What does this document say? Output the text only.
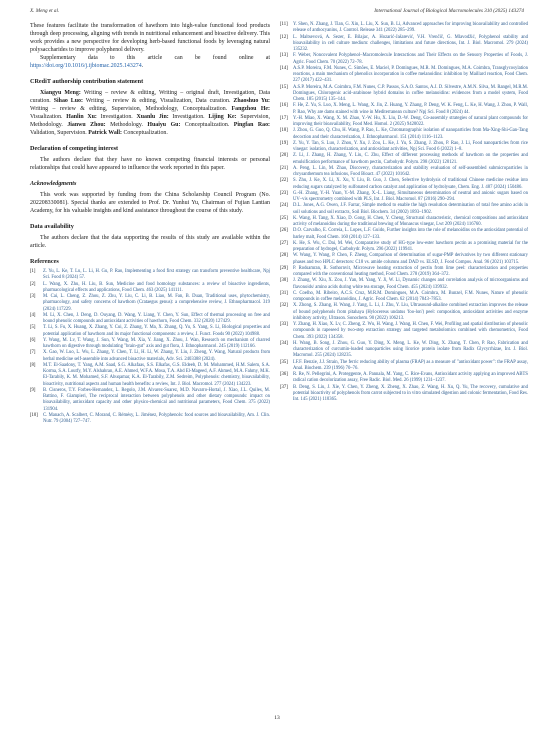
X. Meng et al.	International Journal of Biological Macromolecules 310 (2025) 143274

These features facilitate the transformation of hawthorn into high-value functional food products through deep processing, aligning with trends in nutritional enhancement and bioactive delivery. This work provides a new perspective for developing herb-based functional foods by leveraging natural polysaccharides to improve polyphenol delivery.

Supplementary data to this article can be found online at https://doi.org/10.1016/j.ijbiomac.2025.143274.

CRediT authorship contribution statement

Xiangyu Meng: Writing – review & editing, Writing – original draft, Investigation, Data curation. Sihao Luo: Writing – review & editing, Visualization, Data curation. Zhaoshuo Yu: Writing – review & editing, Supervision, Methodology, Conceptualization. Fangzhou He: Visualization. Hanlin Xu: Investigation. Xuanlu Jin: Investigation. Lijing Ke: Supervision, Methodology. Jianwu Zhou: Methodology. Huaiyu Gu: Conceptualization. Pingfan Rao: Validation, Supervision. Patrick Wall: Conceptualization.

Declaration of competing interest

The authors declare that they have no known competing financial interests or personal relationships that could have appeared to influence the work reported in this paper.

Acknowledgments

This work was supported by funding from the China Scholarship Council Program (No. 202208330081). Special thanks are extended to Prof. Dr. Yunhui Yu, Chairman of Fujian Lantian Academy, for his valuable insights and kind assistance throughout the course of this study.

Data availability

The authors declare that the data supporting the results of this study are available within the article.

References
[1] Z. Yu, L. Ke, T. Lu, L. Li, H. Gu, P. Rao, Implementing a food first strategy can transform preventive healthcare, Npj Sci. Food 8 (2024) 57.
[2] L. Wang, X. Zhu, H. Liu, B. Sun, Medicine and food homology substances: a review of bioactive ingredients, pharmacological effects and applications, Food Chem. 463 (2025) 141111.
[3] M. Cai, L. Cheng, Z. Zhou, Z. Zhu, Y. Liu, C. Li, B. Liao, M. Fan, B. Duan, Traditional uses, phytochemistry, pharmacology, and safety concerns of hawthorn (Crataegus genus): a comprehensive review, J. Ethnopharmacol. 319 (2024) 117229.
[4] M. Li, X. Chen, J. Deng, D. Ouyang, D. Wang, Y. Liang, Y. Chen, Y. Sun, Effect of thermal processing on free and bound phenolic compounds and antioxidant activities of hawthorn, Food Chem. 332 (2020) 127429.
[5] T. Li, S. Fu, X. Huang, X. Zhang, Y. Cui, Z. Zhang, Y. Ma, X. Zhang, Q. Yu, S. Yang, S. Li, Biological properties and potential application of hawthorn and its major functional components: a review, J. Funct. Foods 90 (2022) 104988.
[6] Y. Wang, M. Lv, T. Wang, J. Sun, Y. Wang, M. Xia, Y. Jiang, X. Zhou, J. Wan, Research on mechanism of charred hawthorn on digestive through modulating "brain-gut" axis and gut flora, J. Ethnopharmacol. 245 (2019) 112166.
[7] X. Gao, W. Luo, L. Wu, L. Zhang, Y. Chen, T. Li, H. Li, W. Zhang, Y. Liu, J. Zheng, Y. Wang, Natural products from herbal medicine self-assemble into advanced bioactive materials, Adv. Sci. 2403388 (2024).
[8] M.T. El-Saadony, T. Yang, A.M. Saad, S.G. Alkafaas, S.S. Elkafas, G.S. Eldeeb, D. M. Mohammed, H.M. Salem, S.A. Korma, S.A. Loutfy, M.Y. Alshahran, A.E. Ahmed, W.F.A. Mosa, T.A. Abd El-Mageed, A.F. Ahmed, M.A. Fahmy, M.K. El-Tarabily, K. M. Mohamed, S.F. Abuqamar, K.A. El-Tarabily, Z.M. Sedreim, Polyphenols: chemistry, bioavailability, bioactivity, nutritional aspects and human health benefits: a review, Int. J. Biol. Macromol. 277 (2024) 134223.
[9] B. Cisneros, T.Y. Forbes-Hernandez, L. Regolo, J.M. Alvarez-Suarez, M.D. Navarro-Hortal, J. Xiao, J.L. Quiles, M. Battino, F. Giampieri, The reciprocal interaction between polyphenols and other dietary compounds: impact on bioavailability, antioxidant capacity and other physico-chemical and nutritional parameters, Food Chem. 375 (2022) 131904.
[10] C. Manach, A. Scalbert, C. Morand, C. Rémésy, L. Jiménez, Polyphenols: food sources and bioavailability, Am. J. Clin. Nutr. 79 (2004) 727–747.
[11] Y. Shen, N. Zhang, J. Tian, G. Xin, L. Liu, X. Sun, B. Li, Advanced approaches for improving bioavailability and controlled release of anthocyanins, J. Control. Release 341 (2022) 285–299.
[12] L. Maltsevová, A. Sezer, E. Bilajac, A. Hozarić-Jašarević, V.H. Vrenčič, G. Mlavodžić, Polyphenol stability and bioavailability in cell culture medium: challenges, limitations and future directions, Int. J. Biol. Macromol. 279 (2024) 135232.
[13] F. Weber, Noncovalent Polyphenol–Macromolecule Interactions and Their Effects on the Sensory Properties of Foods, J. Agric. Food Chem. 70 (2022) 72–78.
[14] A.S.P. Moreira, F.M. Nunes, C. Simões, E. Maciel, P. Domingues, M.R. M. Domingues, M.A. Coimbra, Transglycosylation reactions, a main mechanism of phenolics incorporation in coffee melanoidins: inhibition by Maillard reaction, Food Chem. 227 (2017) 422–431.
[15] A.S.P. Moreira, M.A. Coimbra, F.M. Nunes, C.P. Passos, S.A.O. Santos, A.J. D. Silvestre, A.M.N. Silva, M. Rangel, M.R.M. Domingues, Chlorogenic acid–arabinose hybrid domains in coffee melanoidins: evidences from a model system, Food Chem. 185 (2015) 135–144.
[16] F. He, Z. Yu, S. Luo, X. Meng, L. Wang, X. Jin, Z. Huang, Y. Zhang, P. Deng, W. K. Feng, L. Ke, H. Wang, J. Zhou, P. Wall, P. Rao, Why are dams stained with wine in Mediterranean culture? Npj Sci. Food 8 (2024) 44.
[17] Y.-H. Miao, X. Wang, X. M. Zhao, Y.-W. Hu, X. Liu, D.-W. Deng, Co-assembly strategies of natural plant compounds for improving their bioavailability, Food Med. Homol. 2 (2025) 9420022.
[18] J. Zhou, G. Guo, Q. Chu, H. Wang, P. Rao, L. Ke, Chromatographic isolation of nanoparticles from Ma-Xing-Shi-Gan-Tang decoction and their characterization, J. Ethnopharmacol. 151 (2014) 1116–1123.
[19] Z. Yu, Y. Tan, S. Luo, J. Zhou, Y. Xu, J. Zou, L. Ke, J. Yu, S. Zhang, J. Zhou, P. Rao, J. Li, Food nanoparticles from rice vinegar: isolation, characterization, and antioxidant activities, Npj Sci. Food 6 (2022) 1–8.
[20] Z. Li, J. Zhang, H. Zhang, Y. Liu, C. Zhu, Effect of different processing methods of hawthorn on the properties and emulsification performance of hawthorn pectin, Carbohydr. Polym. 298 (2022) 120121.
[21] A. Peng, L. Lin, M. Zhao, Discovery, characterization and stability evaluation of self-assembled submicroparticles in chrysanthemum tea infusions, Food Bioact. 47 (2022) 101642.
[22] S. Zhu, J. Ke, X. Li, X. Xu, Y. Liu, B. Guo, J. Chen, Selective hydrolysis of traditional Chinese medicine residue into reducing sugars catalyzed by sulfonated carbon catalyst and application of hydrolysate, Chem. Eng. J. 487 (2024) 150486.
[23] G.-H. Zhang, Y.-H. Yuan, Y.-M. Zhang, X.-L. Liang, Simultaneous determination of neutral and anionic sugars based on UV–vis spectrometry combined with PLS, Int. J. Biol. Macromol. 87 (2016) 290–294.
[24] D.L. Jones, A.G. Owen, J.F. Farrar, Simple method to enable the high resolution determination of total free amino acids in soil solutions and soil extracts, Soil Biol. Biochem. 34 (2002) 1893–1902.
[25] K. Wang, H. Tang, X. Xiao, D. Gong, H. Chen, Y. Cheng, Structural characteristic, chemical compositions and antioxidant activity of melanoidins during the traditional brewing of Monascus vinegar, Lwt 209 (2024) 116760.
[26] D.O. Carvalho, E. Correia, L. Lopes, L.F. Guido, Further insights into the role of melanoidins on the antioxidant potential of barley malt, Food Chem. 160 (2014) 127–133.
[27] K. He, S. Wu, C. Dai, M. Wei, Comparative study of HG-type low-ester hawthorn pectin as a promising material for the preparation of hydrogel, Carbohydr. Polym. 296 (2022) 119941.
[28] W. Wang, Y. Wang, P. Chen, F. Zheng, Comparison of determination of sugar-PMP derivatives by two different stationary phases and two HPLC detectors: C18 vs. amide columns and DAD vs. ELSD, J. Food Compos. Anal. 96 (2021) 103715.
[29] P. Rodsamran, R. Sothornvit, Microwave heating extraction of pectin from lime peel: characterization and properties compared with the conventional heating method, Food Chem. 278 (2019) 364–372.
[30] J. Zhang, W. Xiu, X. Zou, J. Yan, M. Yang, Y. Ji, W. Li, Dynamic changes and correlation analysis of microorganisms and flavonoids/ amino acids during white tea storage, Food Chem. 455 (2024) 139932.
[31] C. Coelho, M. Ribeiro, A.C.S. Cruz, M.R.M. Domingues, M.A. Coimbra, M. Bunzel, F.M. Nunes, Nature of phenolic compounds in coffee melanoidins, J. Agric. Food Chem. 62 (2014) 7843–7853.
[32] X. Zhong, S. Zhang, H. Wang, J. Yang, L. Li, J. Zhu, Y. Liu, Ultrasound-alkaline combined extraction improves the release of bound polyphenols from pitahaya (Hylocereus undatus 'foo-lon') peel: composition, antioxidant activities and enzyme inhibitory activity, Ultrason. Sonochem. 90 (2022) 106213.
[33] Y. Zhang, H. Xiao, X. Lv, C. Zheng, Z. Wu, H. Wang, J. Wang, H. Chen, F. Wei, Profiling and spatial distribution of phenolic compounds in rapeseed by two-step extraction strategy and targeted metabolomics combined with chemometrics, Food Chem. 393 (2022) 134358.
[34] H. Wang, B. Song, J. Zhou, G. Guo, Y. Ding, X. Meng, L. Ke, W. Ding, X. Zhang, T. Chen, P. Rao, Fabrication and characterization of curcumin-loaded nanoparticles using licorice protein isolate from Radix Glycyrrhizae, Int. J. Biol. Macromol. 255 (2024) 128235.
[35] I.F.F. Benzie, J.J. Strain, The ferric reducing ability of plasma (FRAP) as a measure of "antioxidant power": the FRAP assay, Anal. Biochem. 239 (1996) 70–76.
[36] R. Re, N. Pellegrini, A. Proteggente, A. Pannala, M. Yang, C. Rice-Evans, Antioxidant activity applying an improved ABTS radical cation decolorization assay, Free Radic. Biol. Med. 26 (1999) 1231–1237.
[37] B. Deng, S. Liu, J. Xie, Y. Chen, Y. Zheng, X. Zheng, X. Zhao, Z. Wang, H. Xu, Q. Yu, The recovery, cumulative and potential bioactivity of polyphenols from carrot subjected to in vitro simulated digestion and colonic fermentation, Food Res. Int. 145 (2021) 110365.
13
